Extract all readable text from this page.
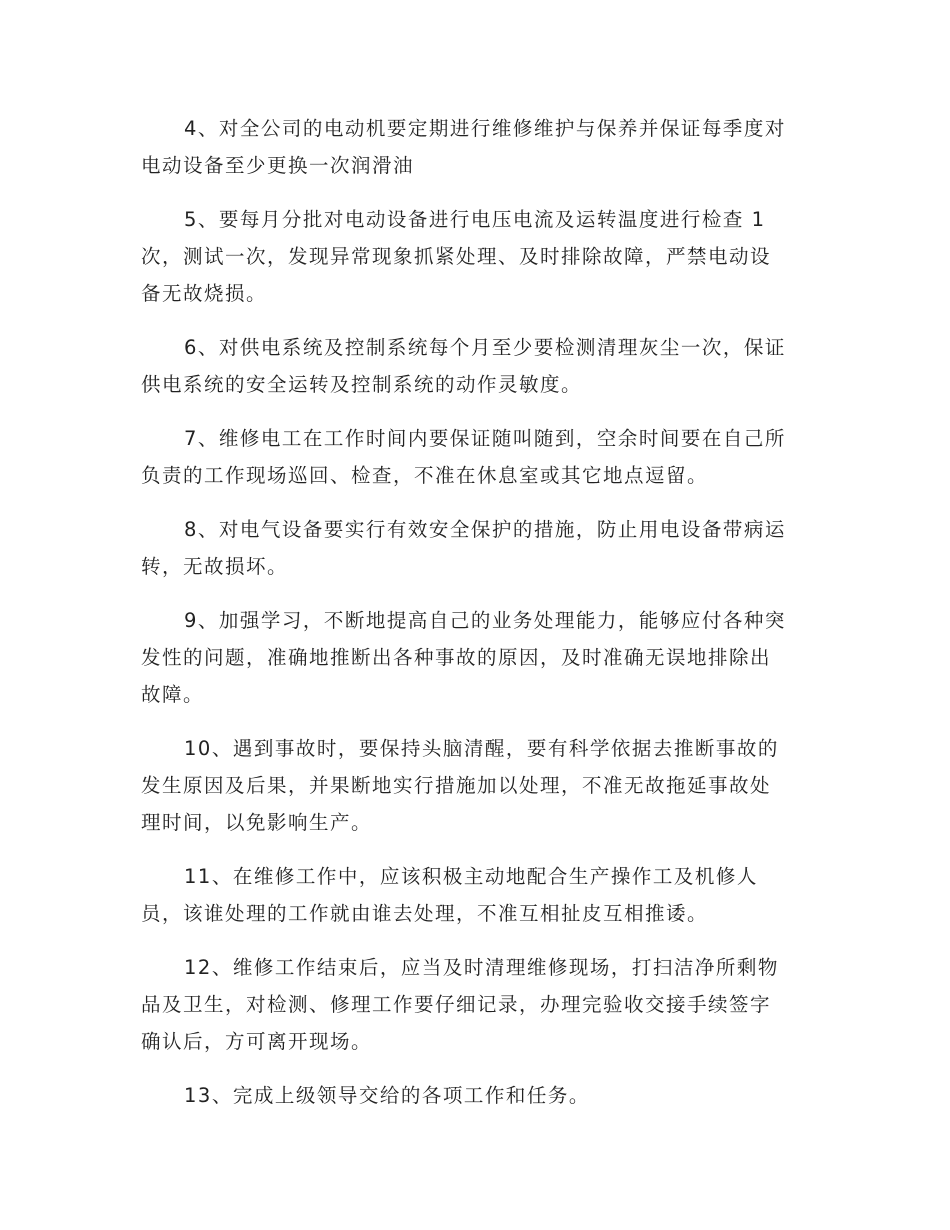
4、对全公司的电动机要定期进行维修维护与保养并保证每季度对
电动设备至少更换一次润滑油

5、要每月分批对电动设备进行电压电流及运转温度进行检查 1
次，测试一次，发现异常现象抓紧处理、及时排除故障，严禁电动设
备无故烧损。

6、对供电系统及控制系统每个月至少要检测清理灰尘一次，保证
供电系统的安全运转及控制系统的动作灵敏度。

7、维修电工在工作时间内要保证随叫随到，空余时间要在自己所
负责的工作现场巡回、检查，不准在休息室或其它地点逗留。

8、对电气设备要实行有效安全保护的措施，防止用电设备带病运
转，无故损坏。

9、加强学习，不断地提高自己的业务处理能力，能够应付各种突
发性的问题，准确地推断出各种事故的原因，及时准确无误地排除出
故障。

10、遇到事故时，要保持头脑清醒，要有科学依据去推断事故的
发生原因及后果，并果断地实行措施加以处理，不准无故拖延事故处
理时间，以免影响生产。

11、在维修工作中，应该积极主动地配合生产操作工及机修人
员，该谁处理的工作就由谁去处理，不准互相扯皮互相推诿。

12、维修工作结束后，应当及时清理维修现场，打扫洁净所剩物
品及卫生，对检测、修理工作要仔细记录，办理完验收交接手续签字
确认后，方可离开现场。

13、完成上级领导交给的各项工作和任务。
